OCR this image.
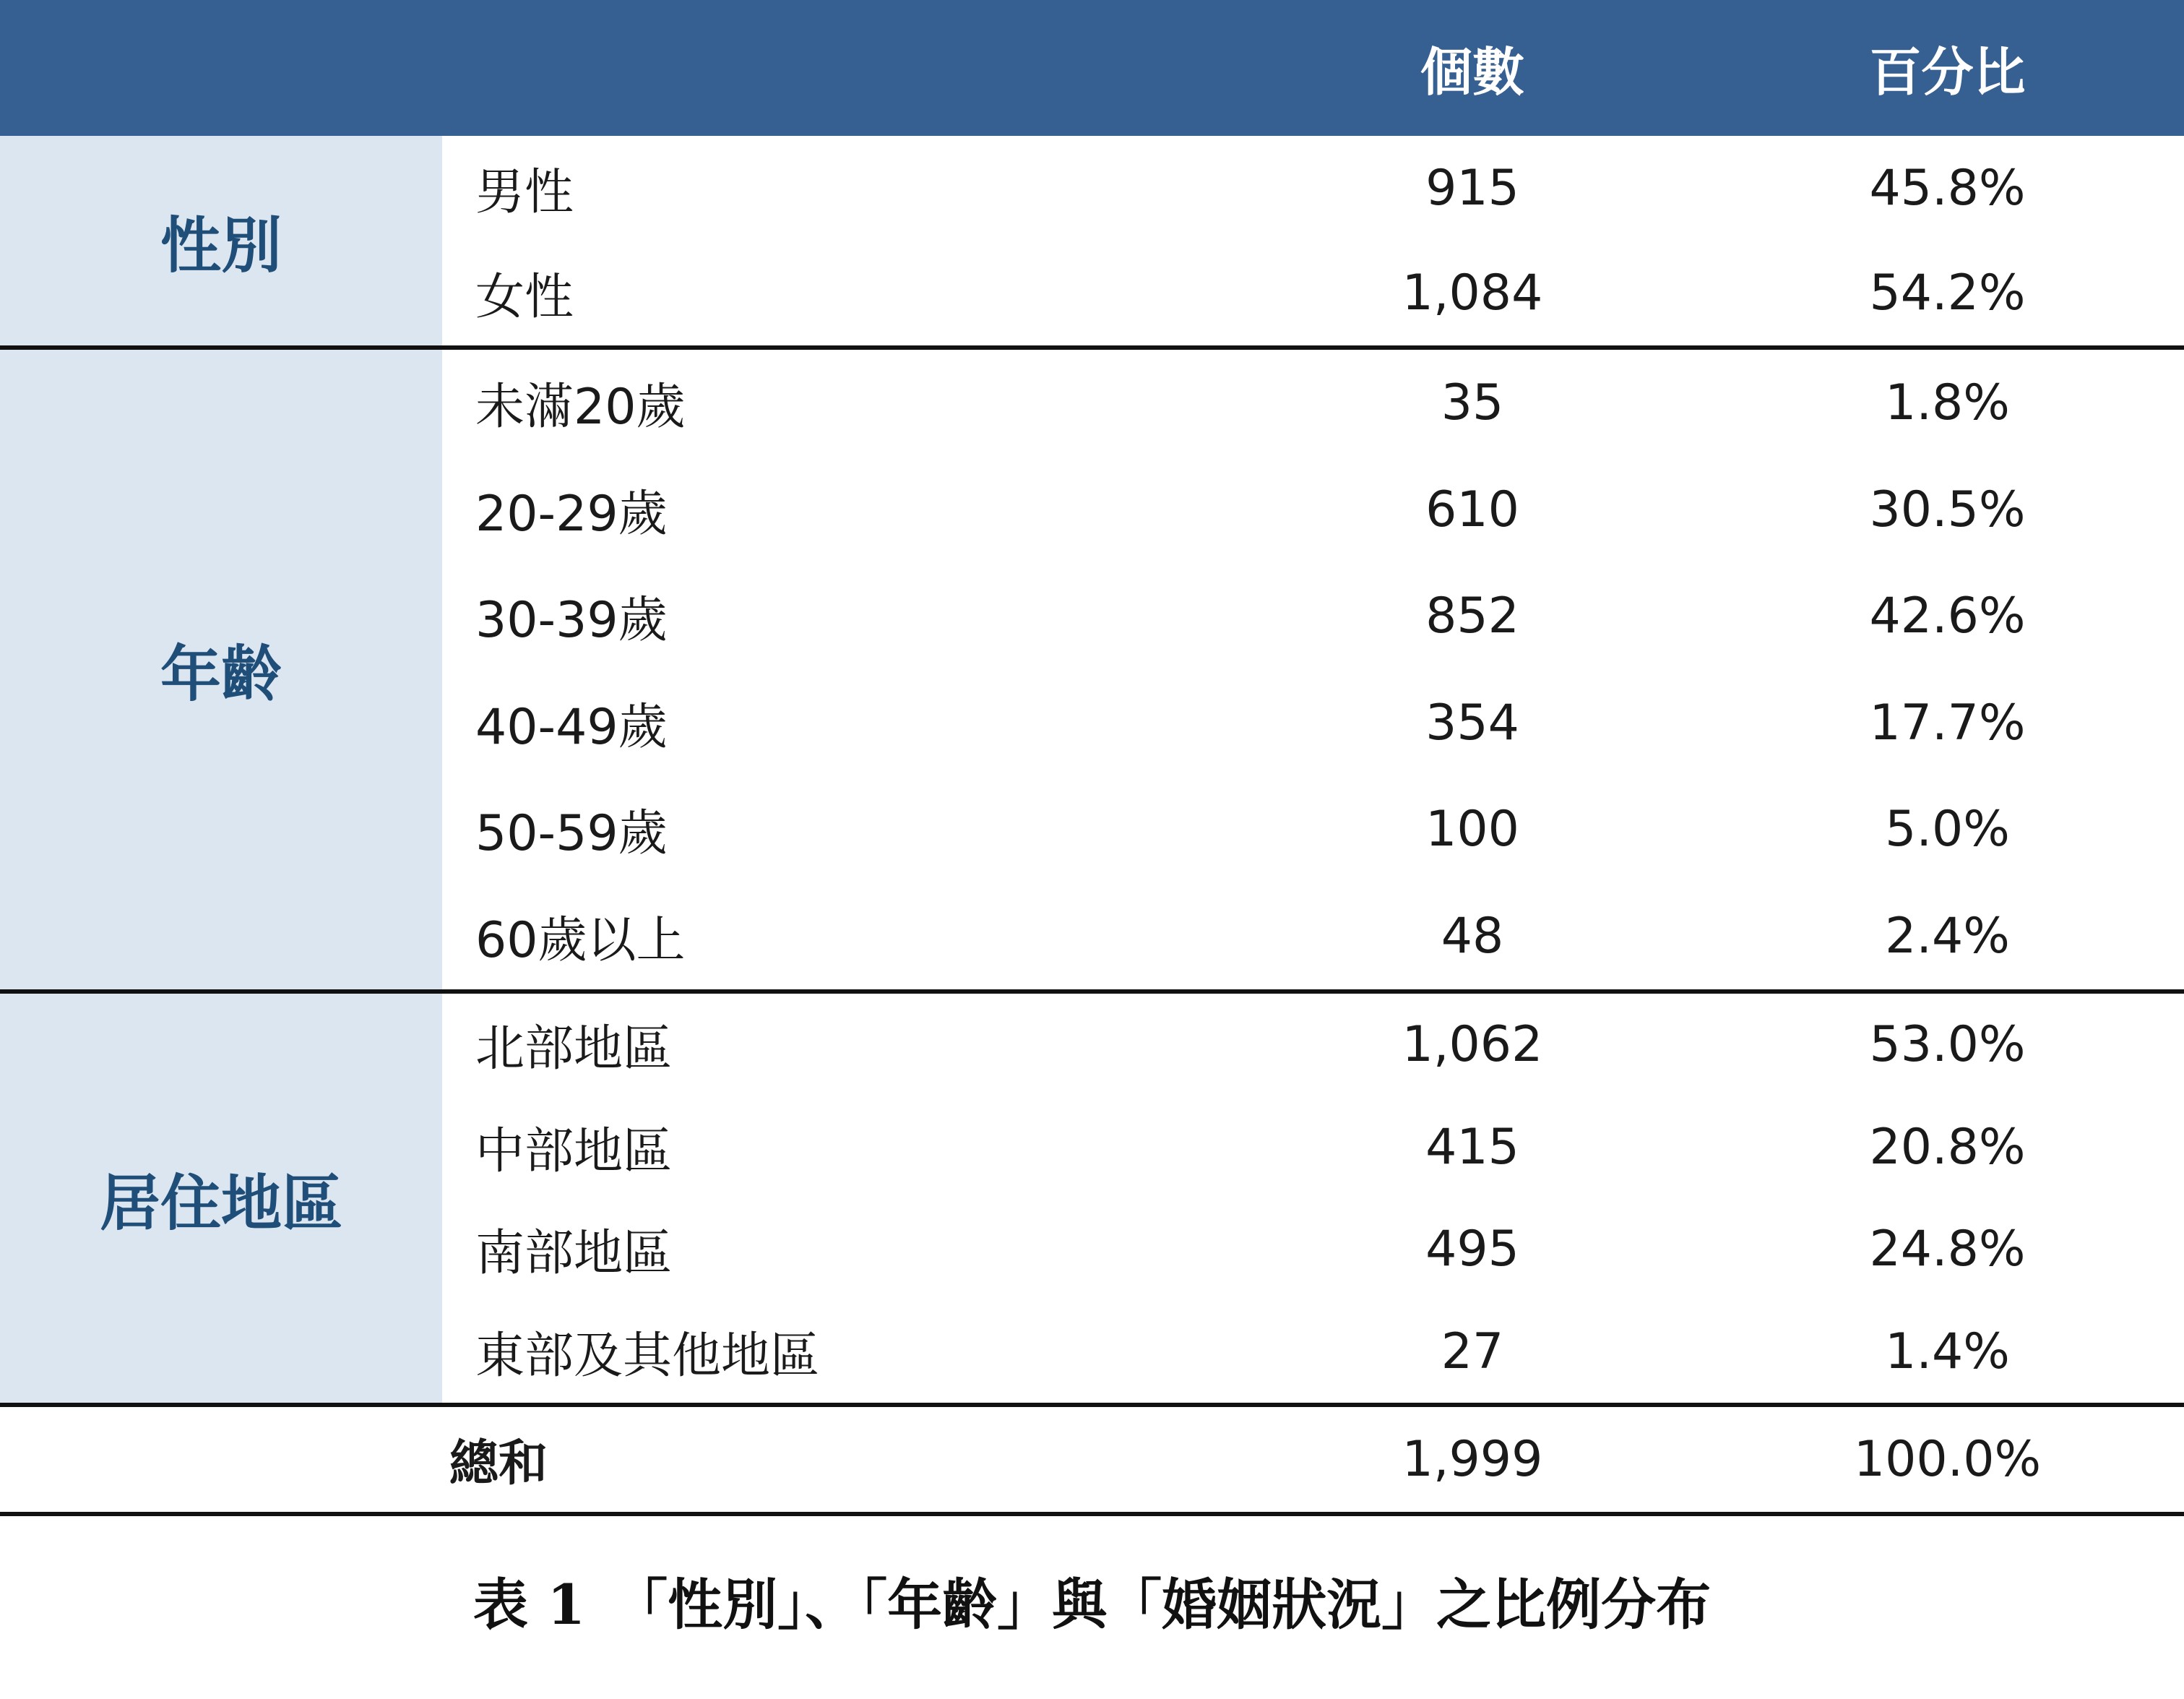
		個數	百分比
性別	男性	915	45.8%
	女性	1,084	54.2%
年齡	未滿20歲	35	1.8%
	20-29歲	610	30.5%
	30-39歲	852	42.6%
	40-49歲	354	17.7%
	50-59歲	100	5.0%
	60歲以上	48	2.4%
居住地區	北部地區	1,062	53.0%
	中部地區	415	20.8%
	南部地區	495	24.8%
	東部及其他地區	27	1.4%
	總和	1,999	100.0%
表 1　「性別」、「年齡」與「婚姻狀況」之比例分布
